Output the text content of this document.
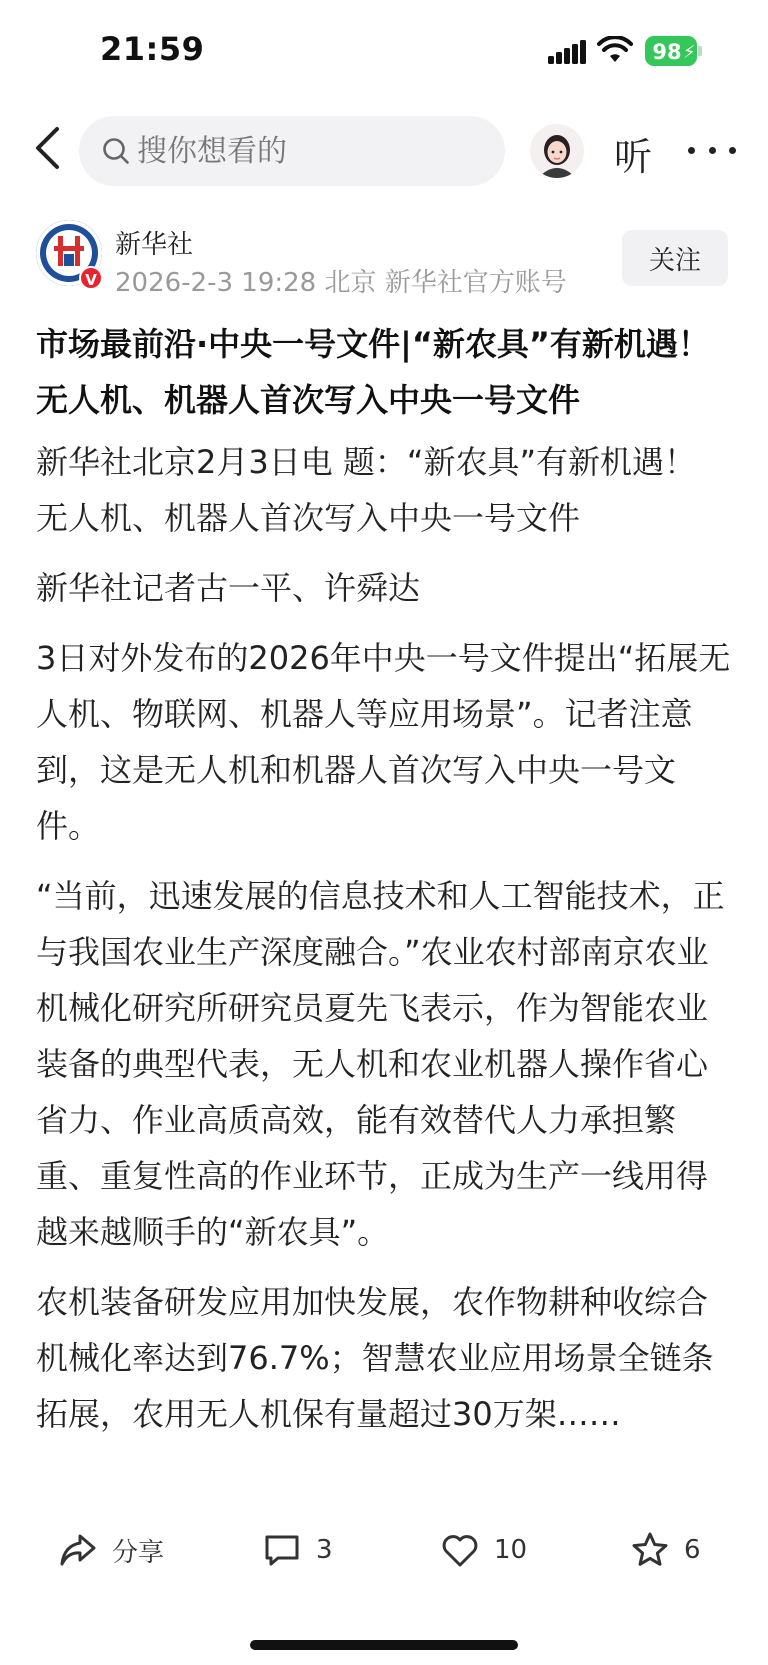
21:59	98 ⚡
搜你想看的
听
V
新华社
2026-2-3 19:28 北京 新华社官方账号
关注
市场最前沿·中央一号文件|“新农具”有新机遇！ 无人机、机器人首次写入中央一号文件

新华社北京2月3日电 题：“新农具”有新机遇！ 无人机、机器人首次写入中央一号文件

新华社记者古一平、许舜达

3日对外发布的2026年中央一号文件提出“拓展无人机、物联网、机器人等应用场景”。记者注意到，这是无人机和机器人首次写入中央一号文件。

“当前，迅速发展的信息技术和人工智能技术，正与我国农业生产深度融合。”农业农村部南京农业机械化研究所研究员夏先飞表示，作为智能农业装备的典型代表，无人机和农业机器人操作省心省力、作业高质高效，能有效替代人力承担繁重、重复性高的作业环节，正成为生产一线用得越来越顺手的“新农具”。

农机装备研发应用加快发展，农作物耕种收综合机械化率达到76.7%；智慧农业应用场景全链条拓展，农用无人机保有量超过30万架……

分享	3	10	6
